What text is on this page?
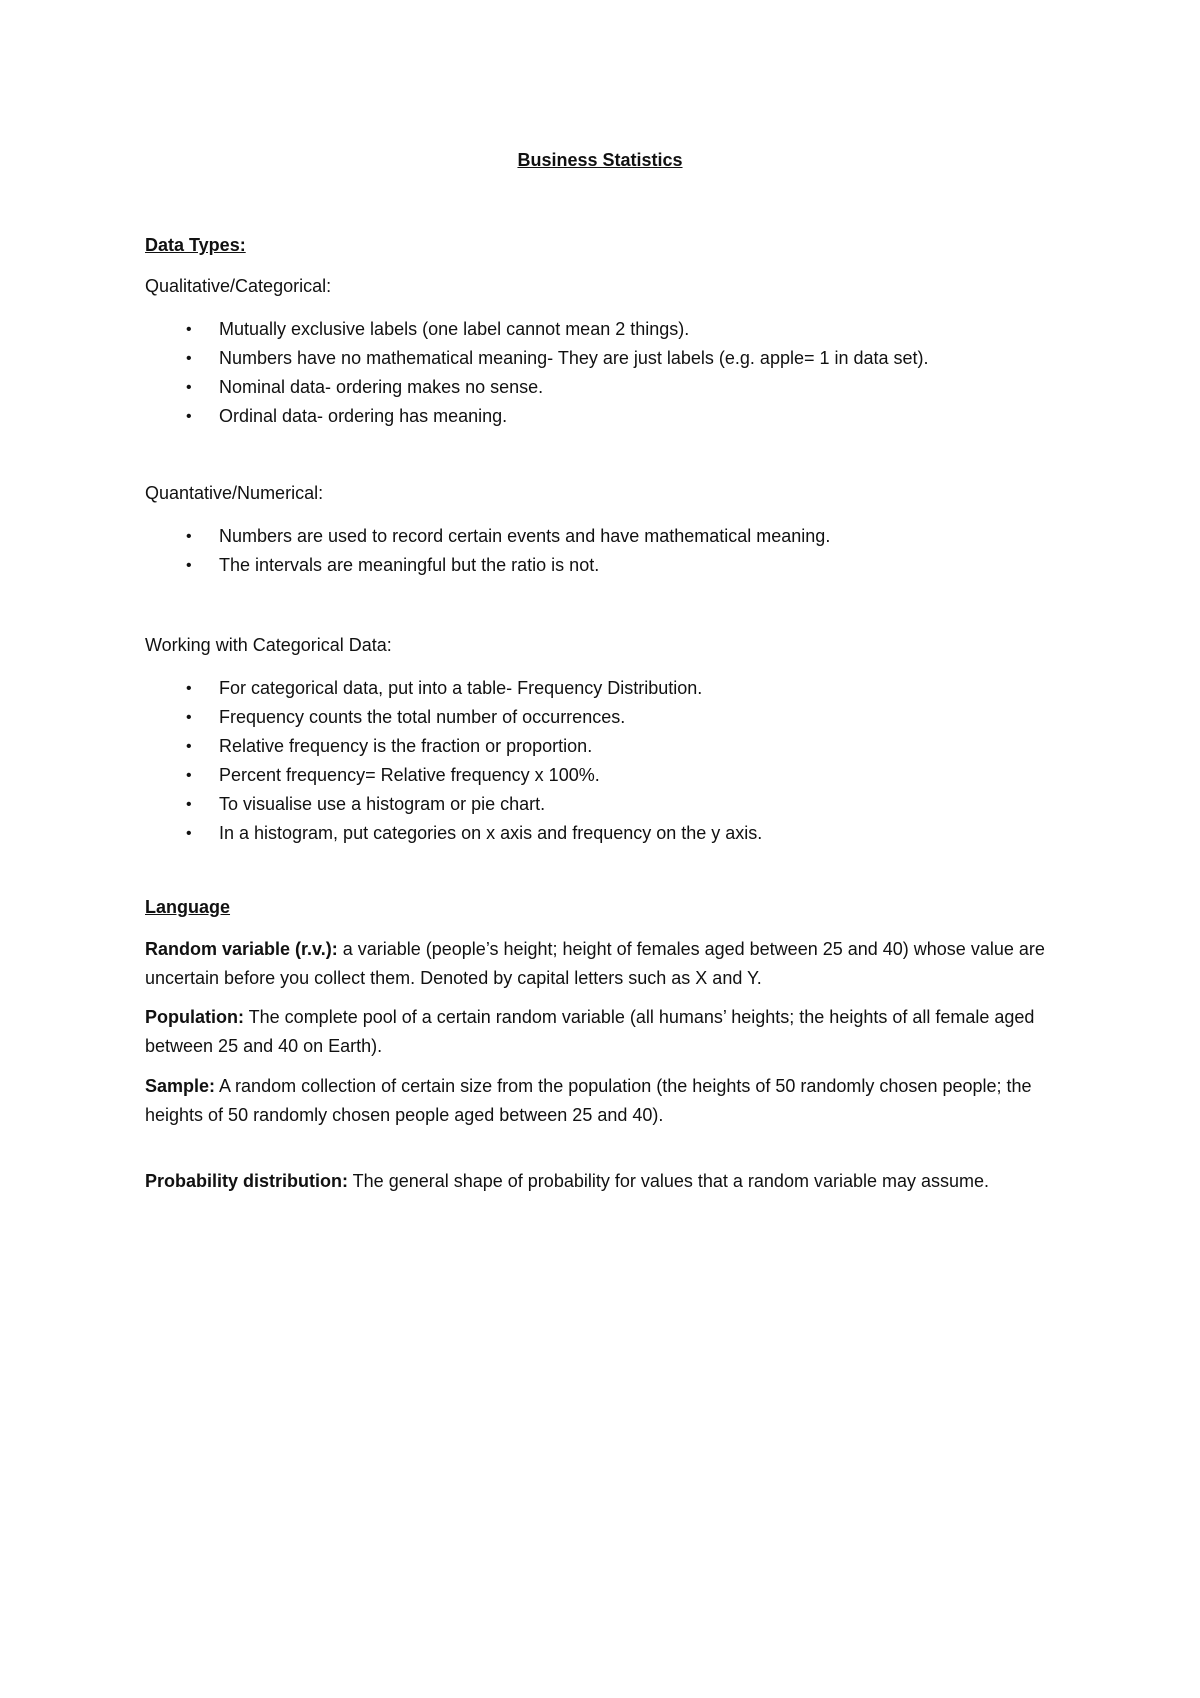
Business Statistics
Data Types:
Qualitative/Categorical:
• Mutually exclusive labels (one label cannot mean 2 things).
• Numbers have no mathematical meaning- They are just labels (e.g. apple= 1 in data set).
• Nominal data- ordering makes no sense.
• Ordinal data- ordering has meaning.
Quantative/Numerical:
• Numbers are used to record certain events and have mathematical meaning.
• The intervals are meaningful but the ratio is not.
Working with Categorical Data:
• For categorical data, put into a table- Frequency Distribution.
• Frequency counts the total number of occurrences.
• Relative frequency is the fraction or proportion.
• Percent frequency= Relative frequency x 100%.
• To visualise use a histogram or pie chart.
• In a histogram, put categories on x axis and frequency on the y axis.
Language

Random variable (r.v.): a variable (people’s height; height of females aged between 25 and 40) whose value are uncertain before you collect them. Denoted by capital letters such as X and Y.

Population: The complete pool of a certain random variable (all humans’ heights; the heights of all female aged between 25 and 40 on Earth).

Sample: A random collection of certain size from the population (the heights of 50 randomly chosen people; the heights of 50 randomly chosen people aged between 25 and 40).

Probability distribution: The general shape of probability for values that a random variable may assume.
